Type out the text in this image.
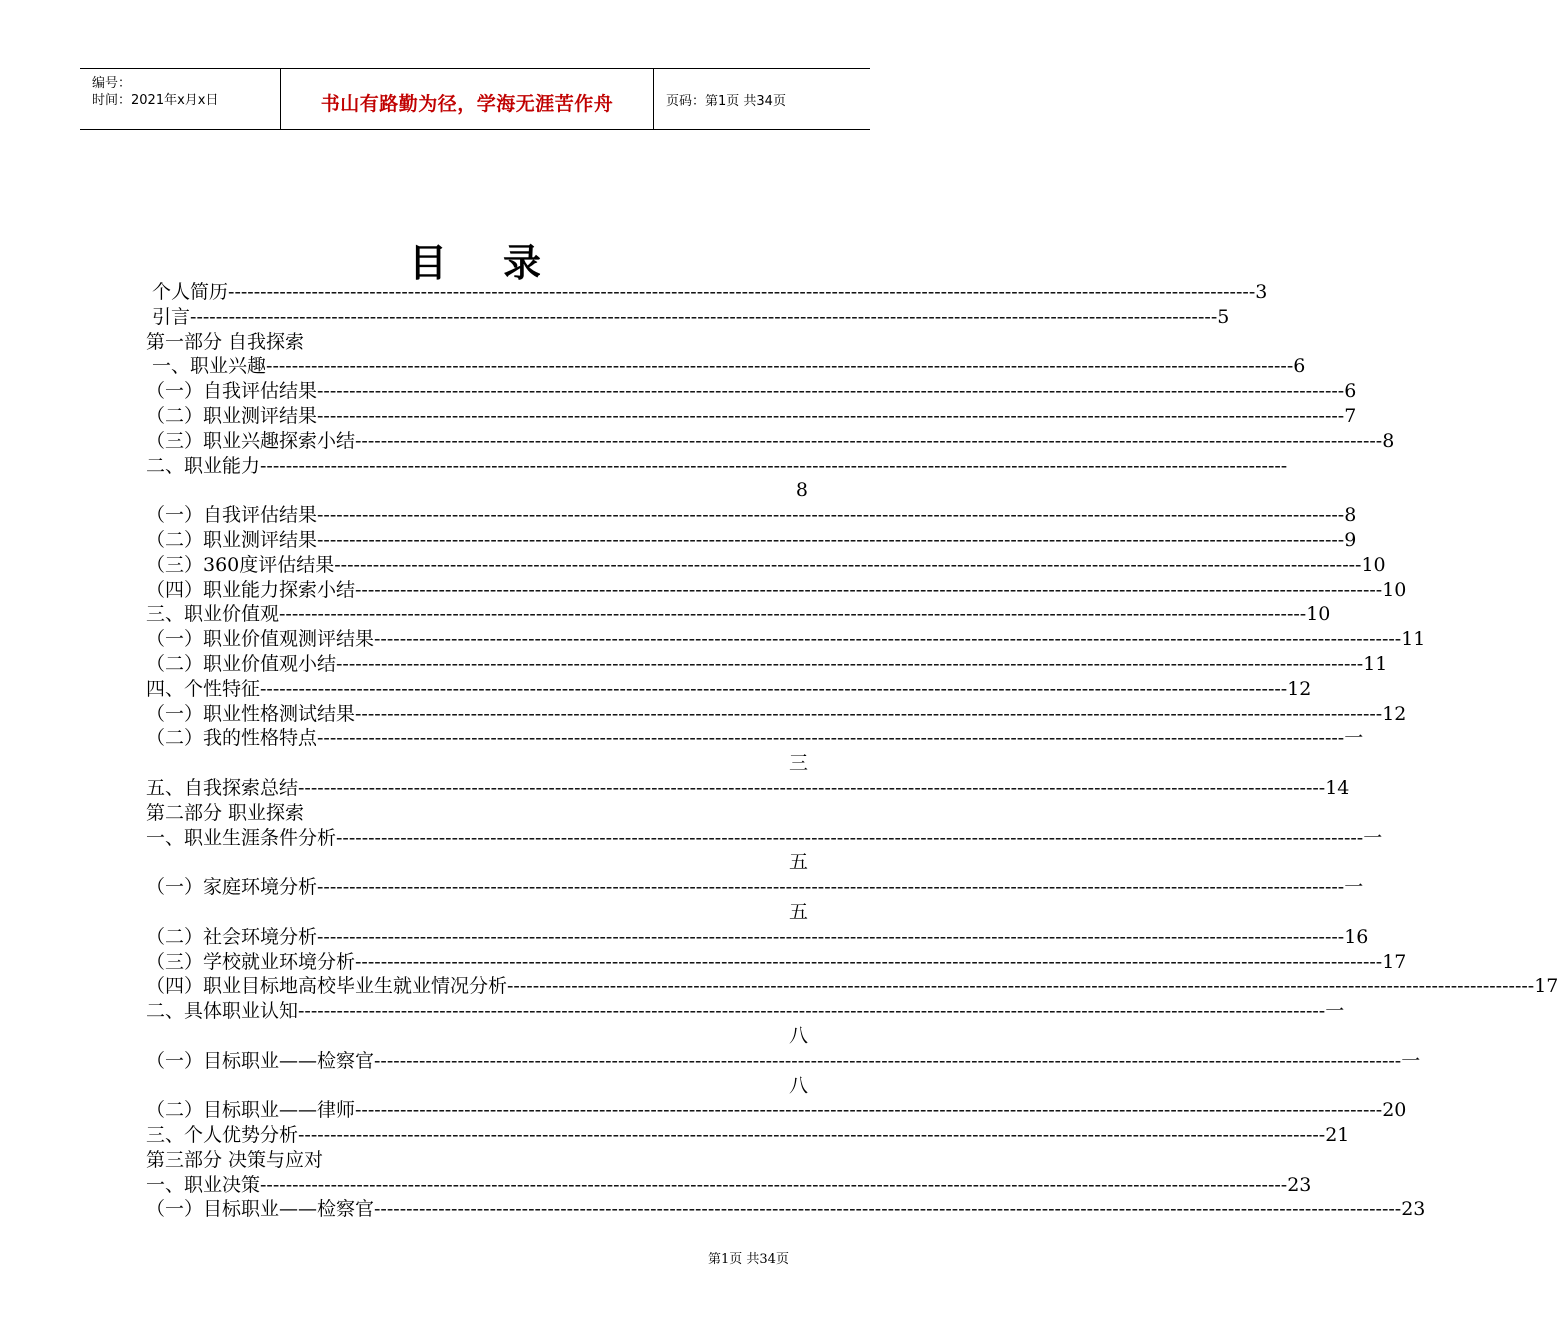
编号：
时间：2021年x月x日	书山有路勤为径，学海无涯苦作舟	页码：第1页 共34页
目录
个人简历 ---------------------------------------------------------------------------------------------------------------------------------------------------------------- 3
引言 ---------------------------------------------------------------------------------------------------------------------------------------------------------------- 5
第一部分 自我探索
一、职业兴趣 ---------------------------------------------------------------------------------------------------------------------------------------------------------------- 6
（一）自我评估结果 ---------------------------------------------------------------------------------------------------------------------------------------------------------------- 6
（二）职业测评结果 ---------------------------------------------------------------------------------------------------------------------------------------------------------------- 7
（三）职业兴趣探索小结 ---------------------------------------------------------------------------------------------------------------------------------------------------------------- 8
二、职业能力 ----------------------------------------------------------------------------------------------------------------------------------------------------------------
8
（一）自我评估结果 ---------------------------------------------------------------------------------------------------------------------------------------------------------------- 8
（二）职业测评结果 ---------------------------------------------------------------------------------------------------------------------------------------------------------------- 9
（三）360度评估结果 ---------------------------------------------------------------------------------------------------------------------------------------------------------------- 10
（四）职业能力探索小结 ---------------------------------------------------------------------------------------------------------------------------------------------------------------- 10
三、职业价值观 ---------------------------------------------------------------------------------------------------------------------------------------------------------------- 10
（一）职业价值观测评结果 ---------------------------------------------------------------------------------------------------------------------------------------------------------------- 11
（二）职业价值观小结 ---------------------------------------------------------------------------------------------------------------------------------------------------------------- 11
四、个性特征 ---------------------------------------------------------------------------------------------------------------------------------------------------------------- 12
（一）职业性格测试结果 ---------------------------------------------------------------------------------------------------------------------------------------------------------------- 12
（二）我的性格特点 ---------------------------------------------------------------------------------------------------------------------------------------------------------------- 一
三
五、自我探索总结 ---------------------------------------------------------------------------------------------------------------------------------------------------------------- 14
第二部分 职业探索
一、职业生涯条件分析 ---------------------------------------------------------------------------------------------------------------------------------------------------------------- 一
五
（一）家庭环境分析 ---------------------------------------------------------------------------------------------------------------------------------------------------------------- 一
五
（二）社会环境分析 ---------------------------------------------------------------------------------------------------------------------------------------------------------------- 16
（三）学校就业环境分析 ---------------------------------------------------------------------------------------------------------------------------------------------------------------- 17
（四）职业目标地高校毕业生就业情况分析 ---------------------------------------------------------------------------------------------------------------------------------------------------------------- 17
二、具体职业认知 ---------------------------------------------------------------------------------------------------------------------------------------------------------------- 一
八
（一）目标职业——检察官 ---------------------------------------------------------------------------------------------------------------------------------------------------------------- 一
八
（二）目标职业——律师 ---------------------------------------------------------------------------------------------------------------------------------------------------------------- 20
三、个人优势分析 ---------------------------------------------------------------------------------------------------------------------------------------------------------------- 21
第三部分 决策与应对
一、职业决策 ---------------------------------------------------------------------------------------------------------------------------------------------------------------- 23
（一）目标职业——检察官 ---------------------------------------------------------------------------------------------------------------------------------------------------------------- 23
第1页 共34页
